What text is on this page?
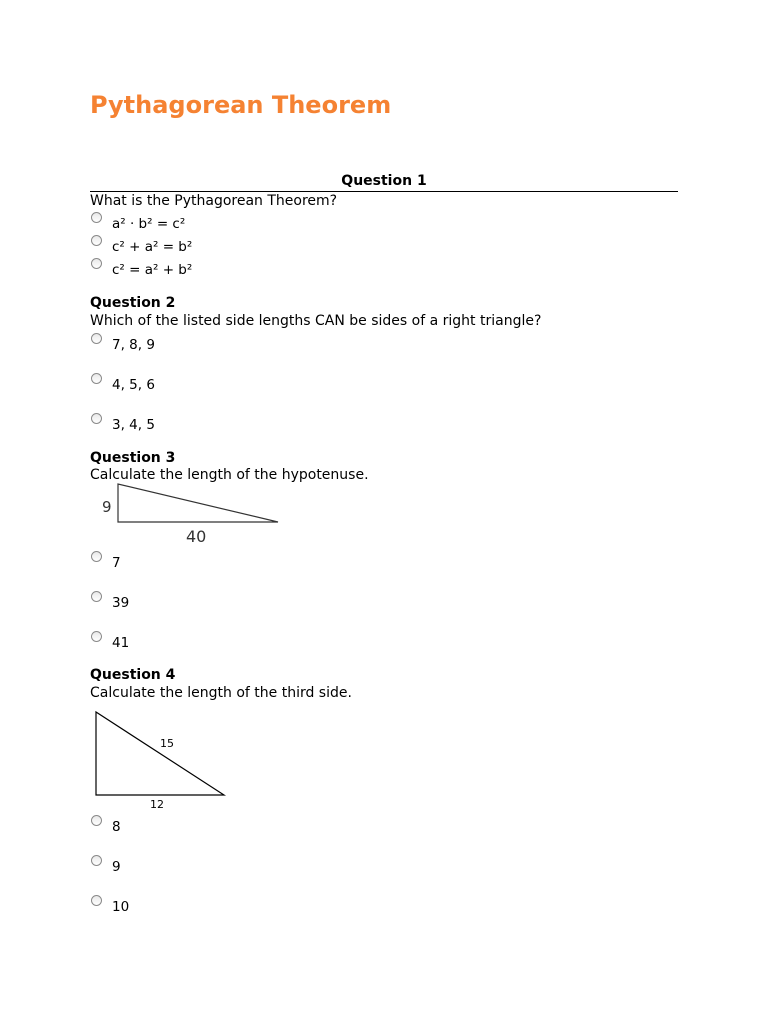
Pythagorean Theorem
Question 1
What is the Pythagorean Theorem?
a² · b² = c²
c² + a² = b²
c² = a² + b²
Question 2
Which of the listed side lengths CAN be sides of a right triangle?
7, 8, 9
4, 5, 6
3, 4, 5
Question 3
Calculate the length of the hypotenuse.
9
40
7
39
41
Question 4
Calculate the length of the third side.
15
12
8
9
10
